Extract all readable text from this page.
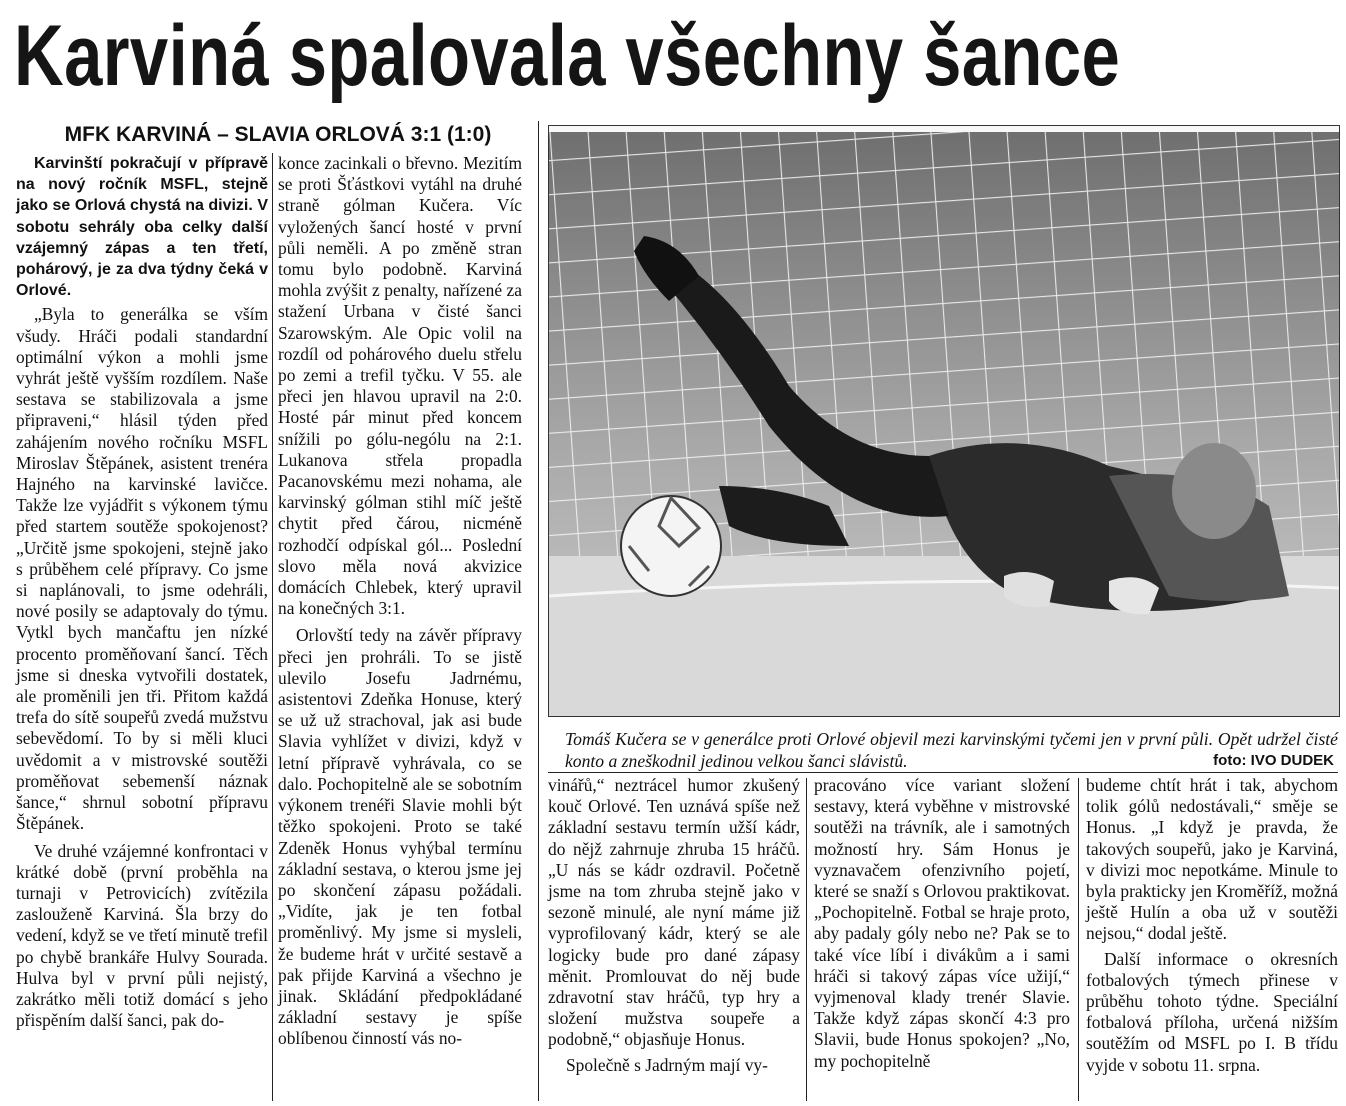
Karviná spalovala všechny šance
MFK KARVINÁ – SLAVIA ORLOVÁ 3:1 (1:0)

Karvinští pokračují v přípravě na nový ročník MSFL, stejně jako se Orlová chystá na divizi. V sobotu sehrály oba celky další vzájemný zápas a ten třetí, pohárový, je za dva týdny čeká v Orlové.

„Byla to generálka se vším všudy. Hráči podali standardní optimální výkon a mohli jsme vyhrát ještě vyšším rozdílem. Naše sestava se stabilizovala a jsme připraveni,“ hlásil týden před zahájením nového ročníku MSFL Miroslav Štěpánek, asistent trenéra Hajného na karvinské lavičce. Takže lze vyjádřit s výkonem týmu před startem soutěže spokojenost? „Určitě jsme spokojeni, stejně jako s průběhem celé přípravy. Co jsme si naplánovali, to jsme odehráli, nové posily se adaptovaly do týmu. Vytkl bych mančaftu jen nízké procento proměňovaní šancí. Těch jsme si dneska vytvořili dostatek, ale proměnili jen tři. Přitom každá trefa do sítě soupeřů zvedá mužstvu sebevědomí. To by si měli kluci uvědomit a v mistrovské soutěži proměňovat sebemenší náznak šance,“ shrnul sobotní přípravu Štěpánek.

Ve druhé vzájemné konfrontaci v krátké době (první proběhla na turnaji v Petrovicích) zvítězila zaslouženě Karviná. Šla brzy do vedení, když se ve třetí minutě trefil po chybě brankáře Hulvy Sourada. Hulva byl v první půli nejistý, zakrátko měli totiž domácí s jeho přispěním další šanci, pak do-

konce zacinkali o břevno. Mezitím se proti Šťástkovi vytáhl na druhé straně gólman Kučera. Víc vyložených šancí hosté v první půli neměli. A po změně stran tomu bylo podobně. Karviná mohla zvýšit z penalty, nařízené za stažení Urbana v čisté šanci Szarowským. Ale Opic volil na rozdíl od pohárového duelu střelu po zemi a trefil tyčku. V 55. ale přeci jen hlavou upravil na 2:0. Hosté pár minut před koncem snížili po gólu-nególu na 2:1. Lukanova střela propadla Pacanovskému mezi nohama, ale karvinský gólman stihl míč ještě chytit před čárou, nicméně rozhodčí odpískal gól... Poslední slovo měla nová akvizice domácích Chlebek, který upravil na konečných 3:1.

Orlovští tedy na závěr přípravy přeci jen prohráli. To se jistě ulevilo Josefu Jadrnému, asistentovi Zdeňka Honuse, který se už už strachoval, jak asi bude Slavia vyhlížet v divizi, když v letní přípravě vyhrávala, co se dalo. Pochopitelně ale se sobotním výkonem trenéři Slavie mohli být těžko spokojeni. Proto se také Zdeněk Honus vyhýbal termínu základní sestava, o kterou jsme jej po skončení zápasu požádali. „Vidíte, jak je ten fotbal proměnlivý. My jsme si mysleli, že budeme hrát v určité sestavě a pak přijde Karviná a všechno je jinak. Skládání předpokládané základní sestavy je spíše oblíbenou činností vás no-

Tomáš Kučera se v generálce proti Orlové objevil mezi karvinskými tyčemi jen v první půli. Opět udržel čisté konto a zneškodnil jedinou velkou šanci slávistů.	foto: IVO DUDEK

vinářů,“ neztrácel humor zkušený kouč Orlové. Ten uznává spíše než základní sestavu termín užší kádr, do nějž zahrnuje zhruba 15 hráčů. „U nás se kádr ozdravil. Početně jsme na tom zhruba stejně jako v sezoně minulé, ale nyní máme již vyprofilovaný kádr, který se ale logicky bude pro dané zápasy měnit. Promlouvat do něj bude zdravotní stav hráčů, typ hry a složení mužstva soupeře a podobně,“ objasňuje Honus.

Společně s Jadrným mají vy-

pracováno více variant složení sestavy, která vyběhne v mistrovské soutěži na trávník, ale i samotných možností hry. Sám Honus je vyznavačem ofenzivního pojetí, které se snaží s Orlovou praktikovat. „Pochopitelně. Fotbal se hraje proto, aby padaly góly nebo ne? Pak se to také více líbí i divákům a i sami hráči si takový zápas více užijí,“ vyjmenoval klady trenér Slavie. Takže když zápas skončí 4:3 pro Slavii, bude Honus spokojen? „No, my pochopitelně

budeme chtít hrát i tak, abychom tolik gólů nedostávali,“ směje se Honus. „I když je pravda, že takových soupeřů, jako je Karviná, v divizi moc nepotkáme. Minule to byla prakticky jen Kroměříž, možná ještě Hulín a oba už v soutěži nejsou,“ dodal ještě.

Další informace o okresních fotbalových týmech přinese v průběhu tohoto týdne. Speciální fotbalová příloha, určená nižším soutěžím od MSFL po I. B třídu vyjde v sobotu 11. srpna.
